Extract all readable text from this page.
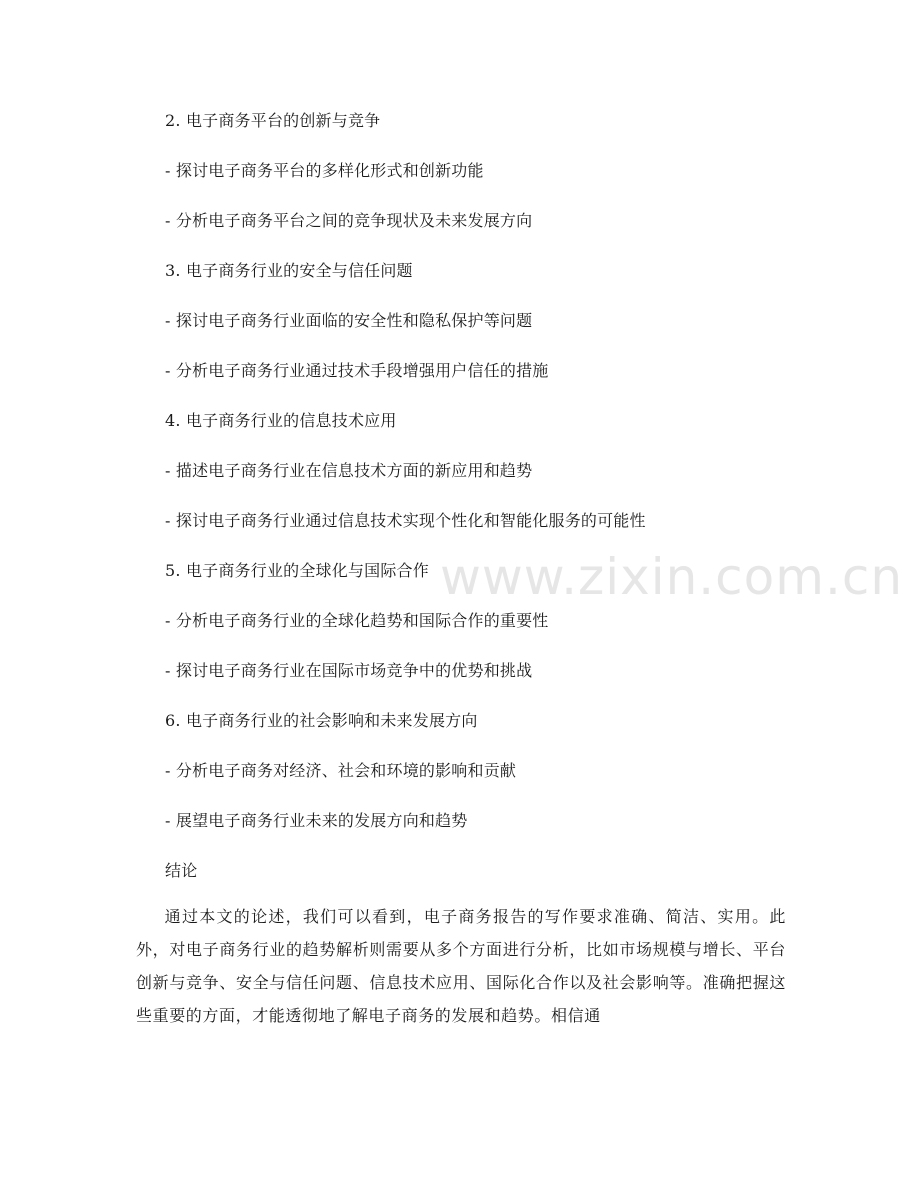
www.zixin.com.cn
2. 电子商务平台的创新与竞争
- 探讨电子商务平台的多样化形式和创新功能
- 分析电子商务平台之间的竞争现状及未来发展方向
3. 电子商务行业的安全与信任问题
- 探讨电子商务行业面临的安全性和隐私保护等问题
- 分析电子商务行业通过技术手段增强用户信任的措施
4. 电子商务行业的信息技术应用
- 描述电子商务行业在信息技术方面的新应用和趋势
- 探讨电子商务行业通过信息技术实现个性化和智能化服务的可能性
5. 电子商务行业的全球化与国际合作
- 分析电子商务行业的全球化趋势和国际合作的重要性
- 探讨电子商务行业在国际市场竞争中的优势和挑战
6. 电子商务行业的社会影响和未来发展方向
- 分析电子商务对经济、社会和环境的影响和贡献
- 展望电子商务行业未来的发展方向和趋势
结论
通过本文的论述，我们可以看到，电子商务报告的写作要求准确、简洁、实用。此外，对电子商务行业的趋势解析则需要从多个方面进行分析，比如市场规模与增长、平台创新与竞争、安全与信任问题、信息技术应用、国际化合作以及社会影响等。准确把握这些重要的方面，才能透彻地了解电子商务的发展和趋势。相信通
